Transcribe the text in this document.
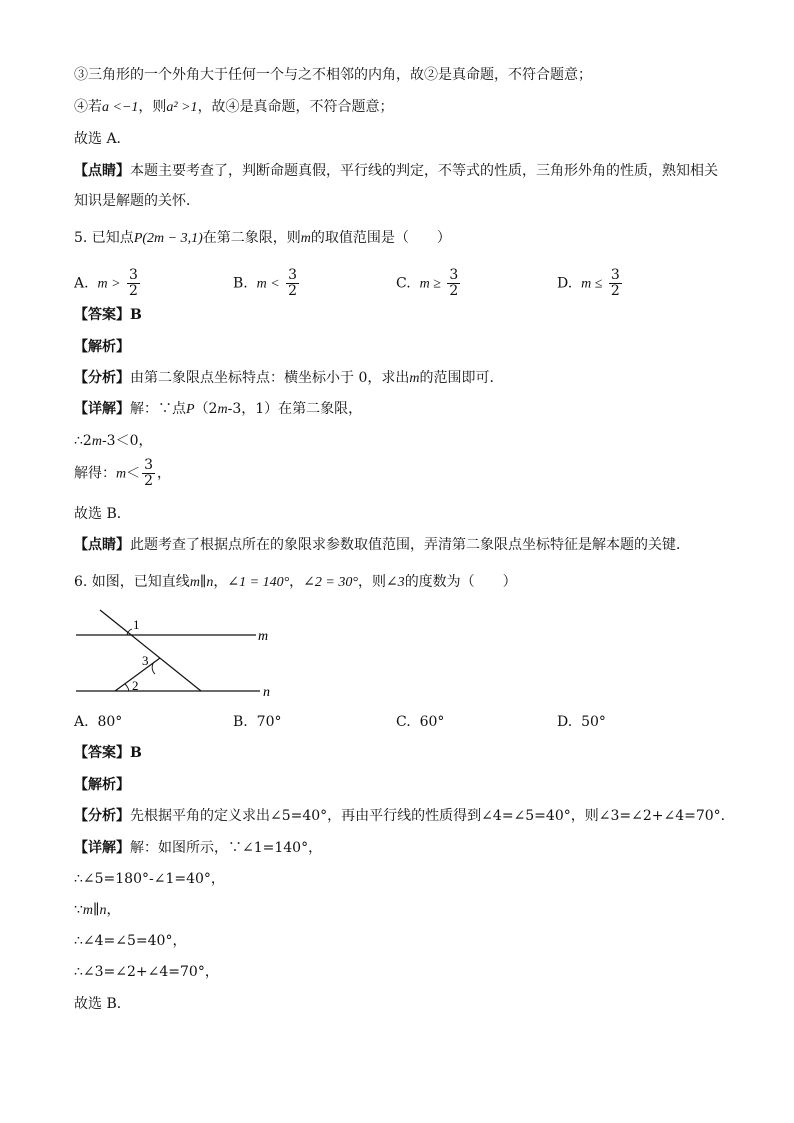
③三角形的一个外角大于任何一个与之不相邻的内角，故②是真命题，不符合题意；
④若a <−1，则a² >1，故④是真命题，不符合题意；
故选 A．
【点睛】本题主要考查了，判断命题真假，平行线的判定，不等式的性质，三角形外角的性质，熟知相关
知识是解题的关怀．
5. 已知点P(2m − 3,1)在第二象限，则m的取值范围是（　　）
A. $m > \frac{3}{2}$	B. $m < \frac{3}{2}$	C. $m \ge \frac{3}{2}$	D. $m \le \frac{3}{2}$
【答案】B
【解析】
【分析】由第二象限点坐标特点：横坐标小于 0，求出m的范围即可．
【详解】解：∵点P（2m-3，1）在第二象限，
∴2m-3＜0，
解得：$m< \frac{3}{2}$ ，
故选 B．
【点睛】此题考查了根据点所在的象限求参数取值范围，弄清第二象限点坐标特征是解本题的关键．
6. 如图，已知直线m∥n，∠1 = 140°，∠2 = 30°，则∠3的度数为（　　）
1
3
2
m
n
A. 80°	B. 70°	C. 60°	D. 50°
【答案】B
【解析】
【分析】先根据平角的定义求出∠5=40°，再由平行线的性质得到∠4=∠5=40°，则∠3=∠2+∠4=70°.
【详解】解：如图所示，∵∠1=140°，
∴∠5=180°-∠1=40°，
∵m∥n，
∴∠4=∠5=40°，
∴∠3=∠2+∠4=70°，
故选 B．
